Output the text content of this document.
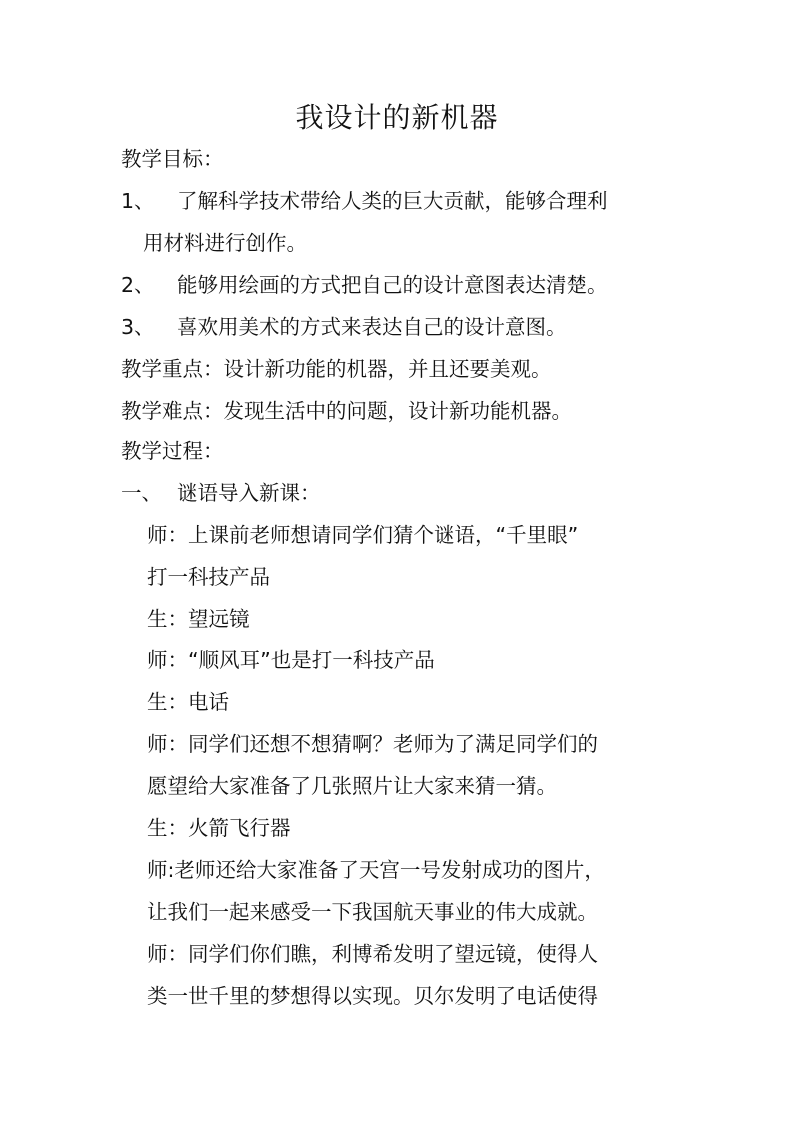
我设计的新机器
教学目标：
1、 了解科学技术带给人类的巨大贡献，能够合理利
用材料进行创作。
2、 能够用绘画的方式把自己的设计意图表达清楚。
3、 喜欢用美术的方式来表达自己的设计意图。
教学重点：设计新功能的机器，并且还要美观。
教学难点：发现生活中的问题，设计新功能机器。
教学过程：
一、 谜语导入新课：
师：上课前老师想请同学们猜个谜语，“千里眼”
打一科技产品
生：望远镜
师：“顺风耳”也是打一科技产品
生：电话
师：同学们还想不想猜啊？老师为了满足同学们的
愿望给大家准备了几张照片让大家来猜一猜。
生：火箭飞行器
师:老师还给大家准备了天宫一号发射成功的图片，
让我们一起来感受一下我国航天事业的伟大成就。
师：同学们你们瞧，利博希发明了望远镜，使得人
类一世千里的梦想得以实现。贝尔发明了电话使得
